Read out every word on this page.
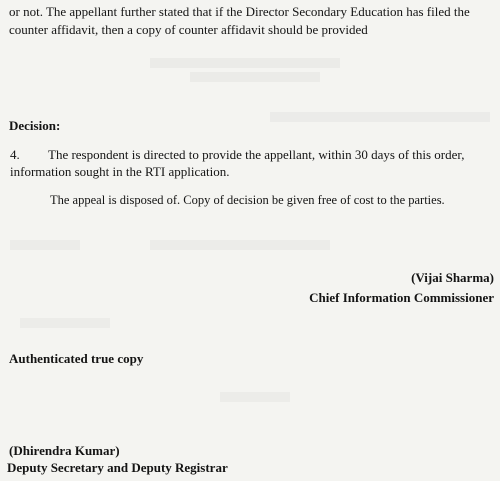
or not. The appellant further stated that if the Director Secondary Education has filed the
counter affidavit, then a copy of counter affidavit should be provided
Decision:
4. The respondent is directed to provide the appellant, within 30 days of this order,
information sought in the RTI application.
The appeal is disposed of. Copy of decision be given free of cost to the parties.
(Vijai Sharma)
Chief Information Commissioner
Authenticated true copy
(Dhirendra Kumar)
Deputy Secretary and Deputy Registrar
